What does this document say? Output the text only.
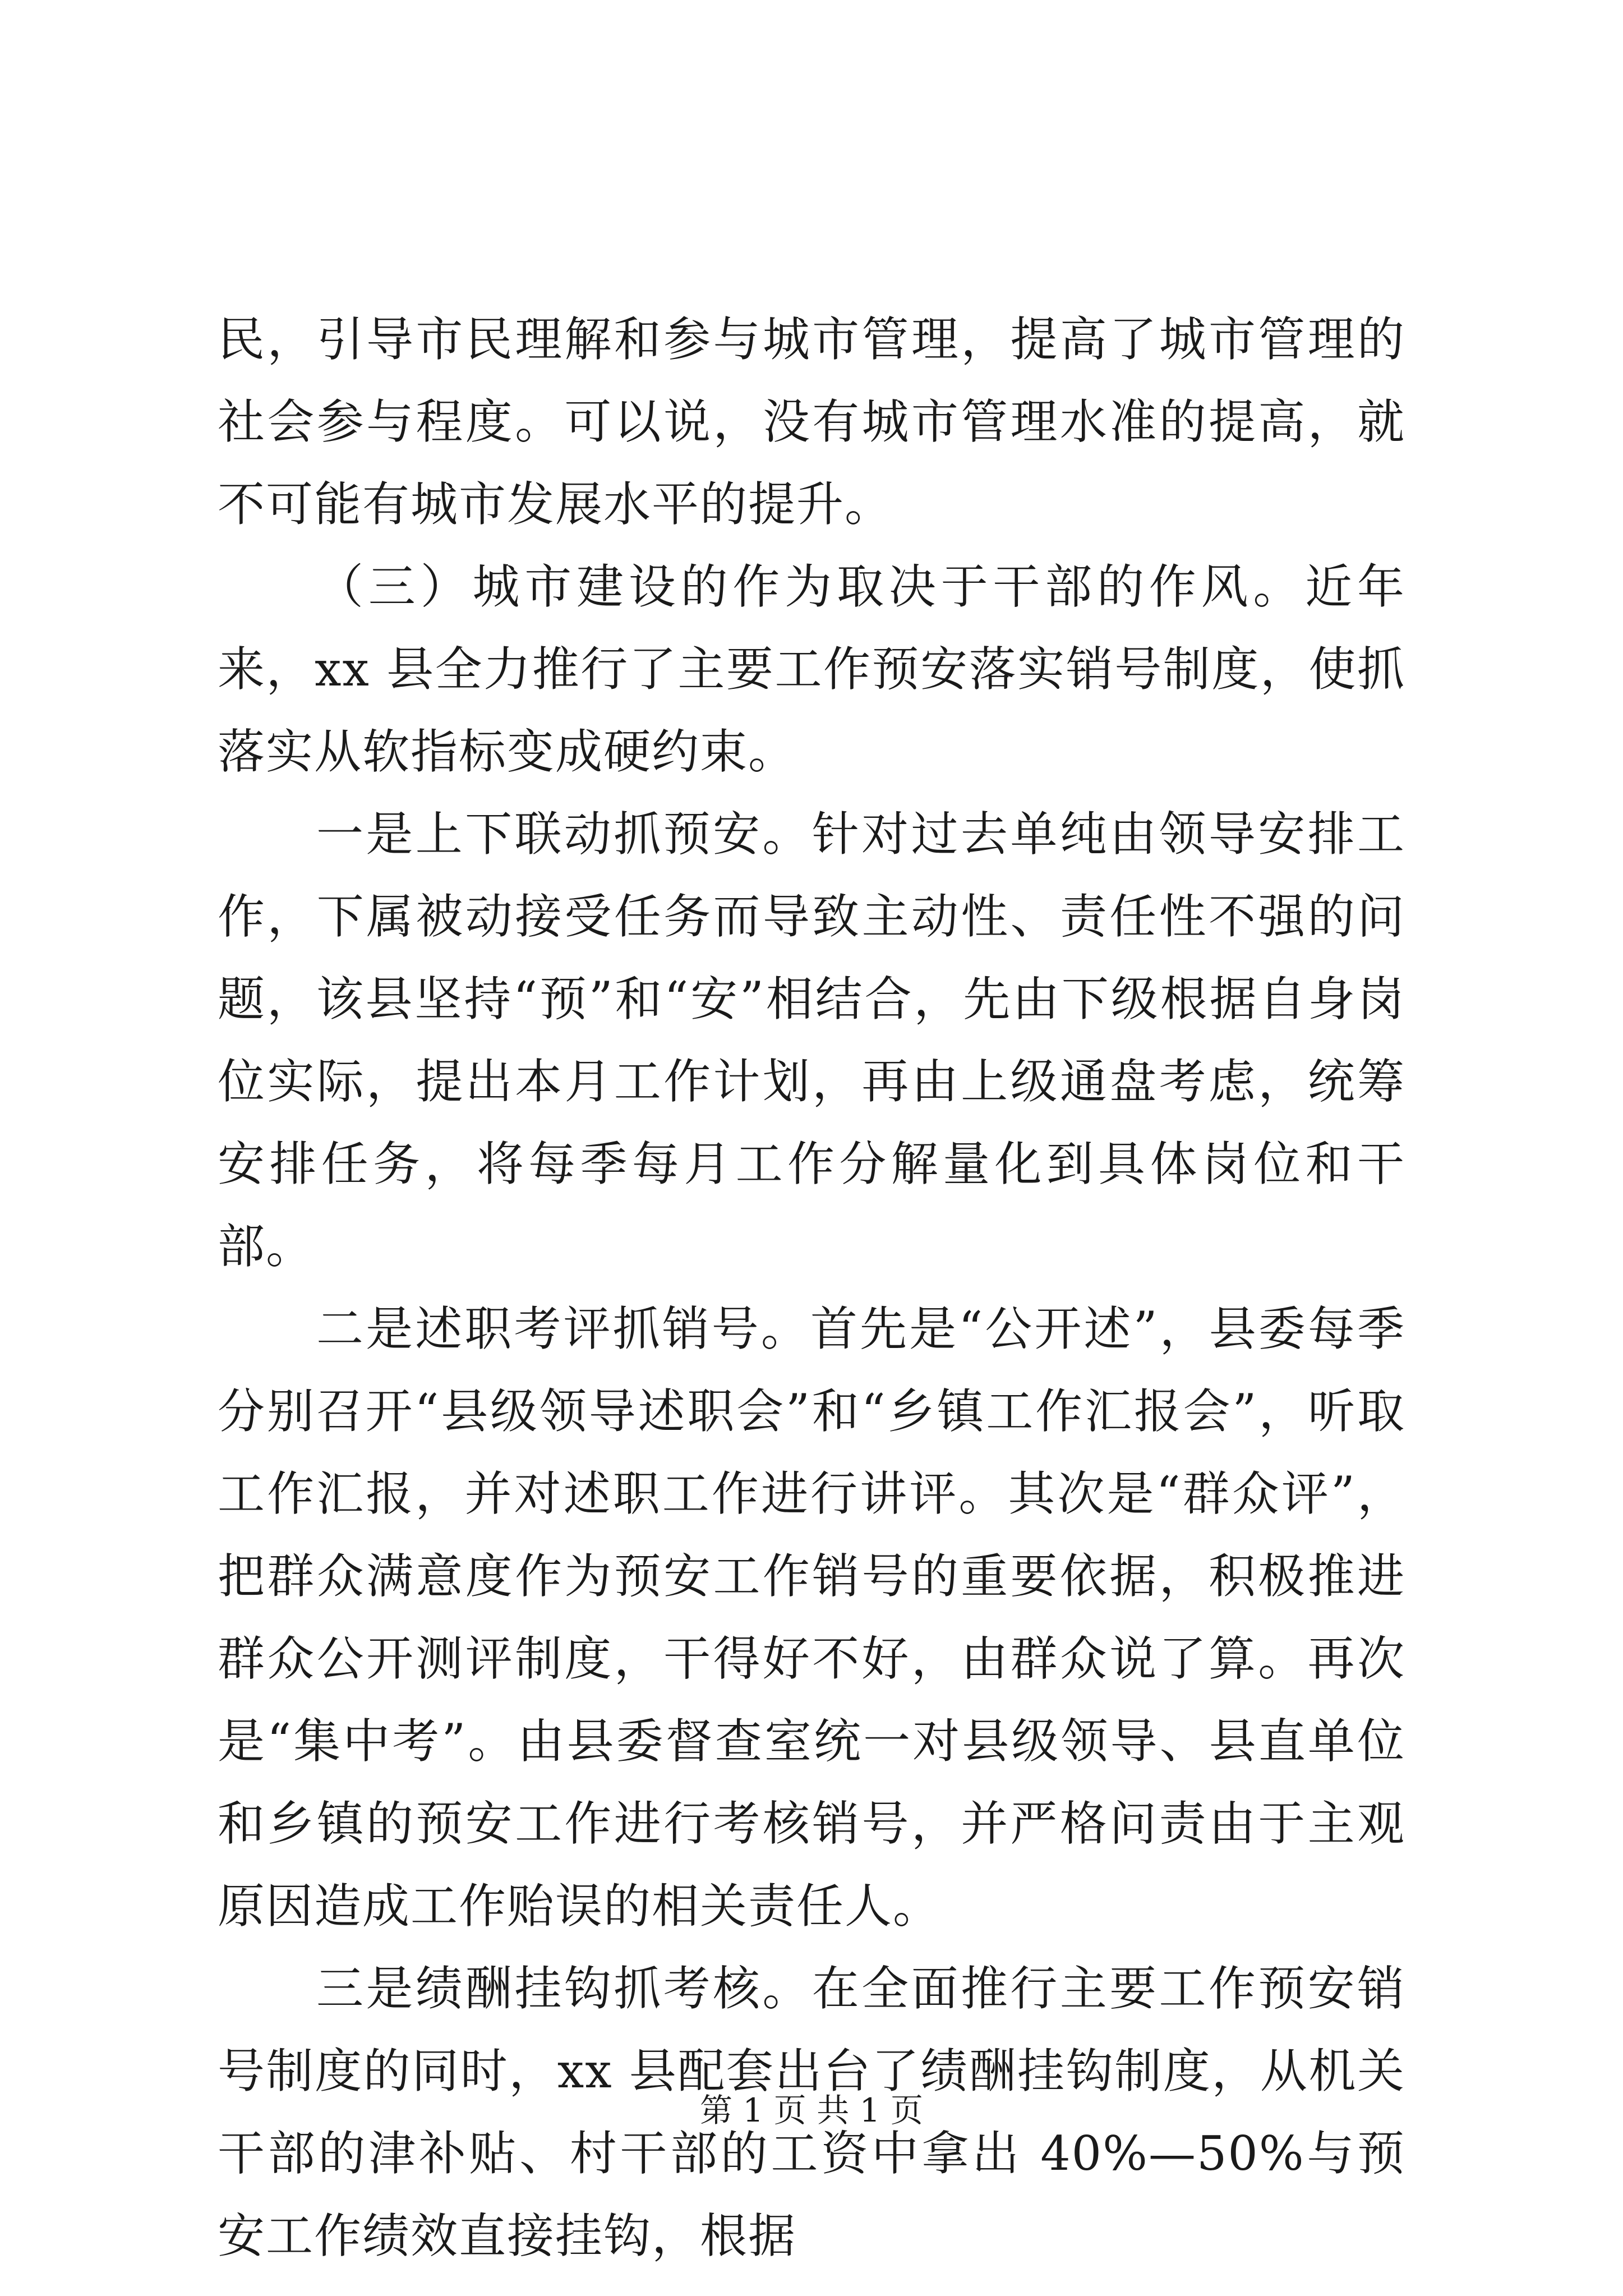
民，引导市民理解和参与城市管理，提高了城市管理的社会参与程度。可以说，没有城市管理水准的提高，就不可能有城市发展水平的提升。

（三）城市建设的作为取决于干部的作风。近年来，xx 县全力推行了主要工作预安落实销号制度，使抓落实从软指标变成硬约束。

一是上下联动抓预安。针对过去单纯由领导安排工作，下属被动接受任务而导致主动性、责任性不强的问题，该县坚持“预”和“安”相结合，先由下级根据自身岗位实际，提出本月工作计划，再由上级通盘考虑，统筹安排任务，将每季每月工作分解量化到具体岗位和干部。

二是述职考评抓销号。首先是“公开述”，县委每季分别召开“县级领导述职会”和“乡镇工作汇报会”，听取工作汇报，并对述职工作进行讲评。其次是“群众评”，把群众满意度作为预安工作销号的重要依据，积极推进群众公开测评制度，干得好不好，由群众说了算。再次是“集中考”。由县委督查室统一对县级领导、县直单位和乡镇的预安工作进行考核销号，并严格问责由于主观原因造成工作贻误的相关责任人。

三是绩酬挂钩抓考核。在全面推行主要工作预安销号制度的同时，xx 县配套出台了绩酬挂钩制度，从机关干部的津补贴、村干部的工资中拿出 40%—50%与预安工作绩效直接挂钩，根据

第 1 页 共 1 页
